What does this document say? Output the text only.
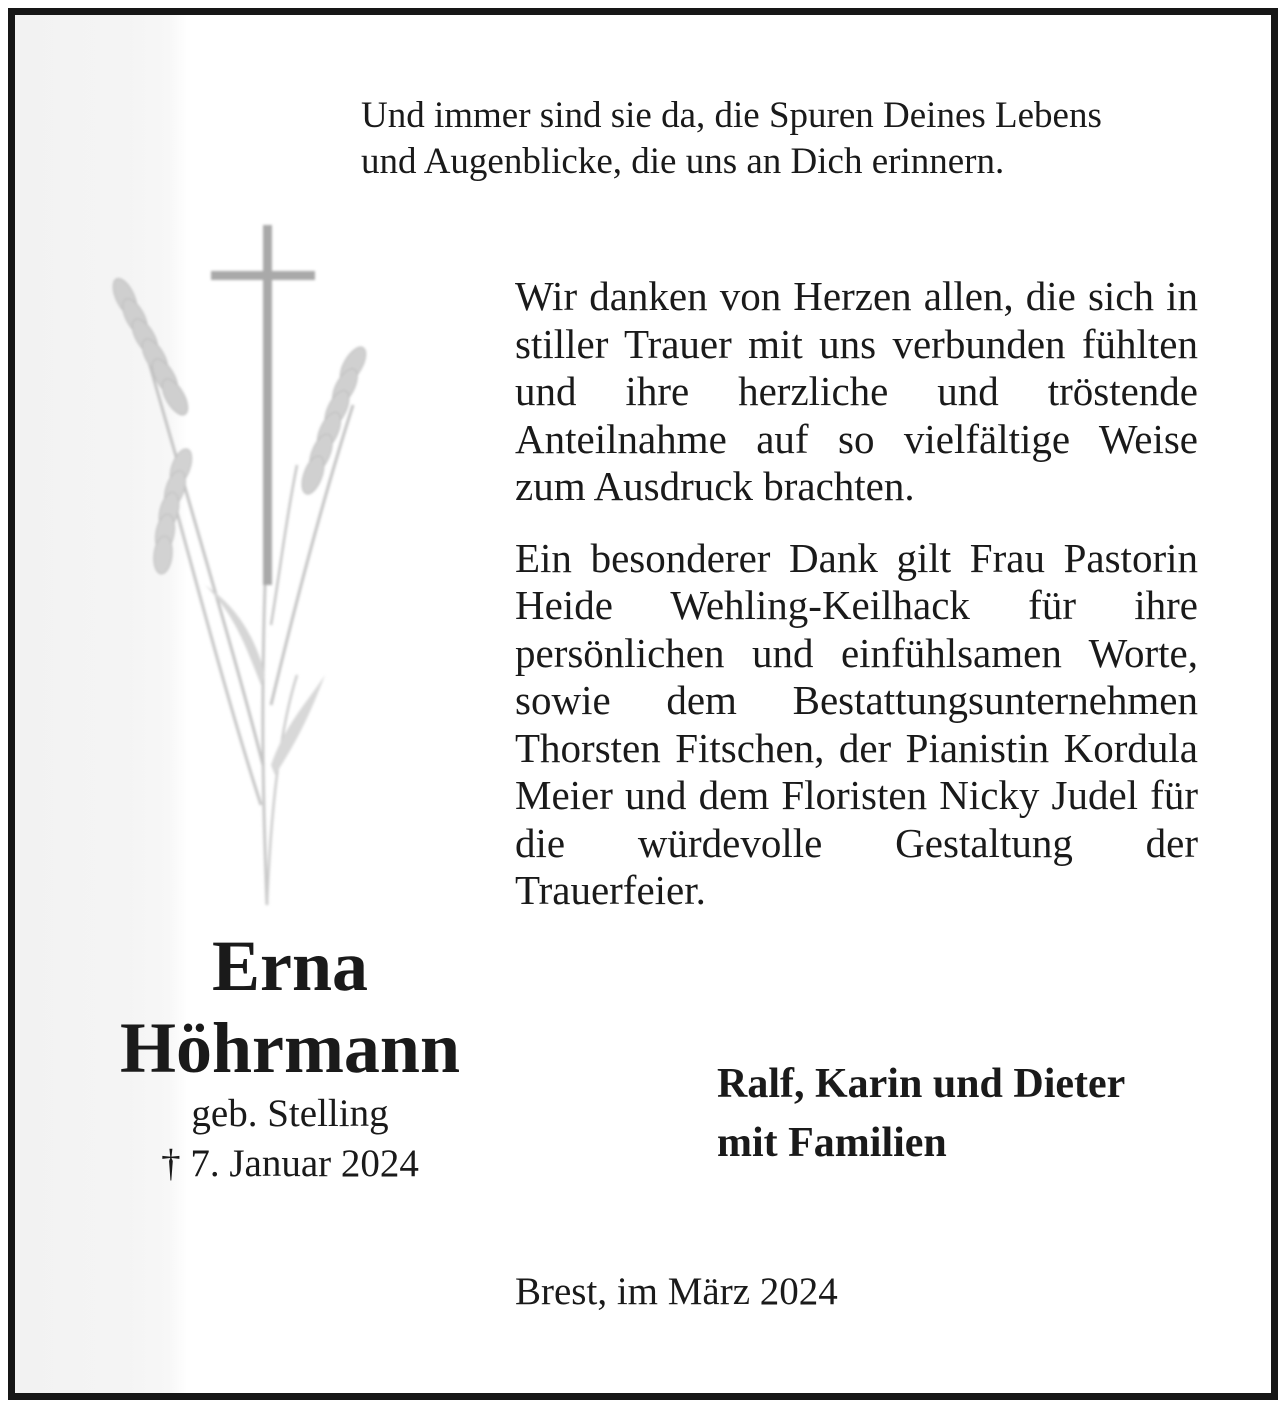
Und immer sind sie da, die Spuren Deines Lebens
und Augenblicke, die uns an Dich erinnern.

Wir danken von Herzen allen, die sich in stiller Trauer mit uns verbunden fühlten und ihre herzliche und tröstende Anteilnahme auf so vielfältige Weise zum Ausdruck brachten.

Ein besonderer Dank gilt Frau Pastorin Heide Wehling-Keilhack für ihre persönlichen und einfühlsamen Worte, sowie dem Bestattungsunternehmen Thorsten Fitschen, der Pianistin Kordula Meier und dem Floristen Nicky Judel für die würdevolle Gestaltung der Trauerfeier.

Erna
Höhrmann
geb. Stelling
† 7. Januar 2024
Ralf, Karin und Dieter
mit Familien
Brest, im März 2024
